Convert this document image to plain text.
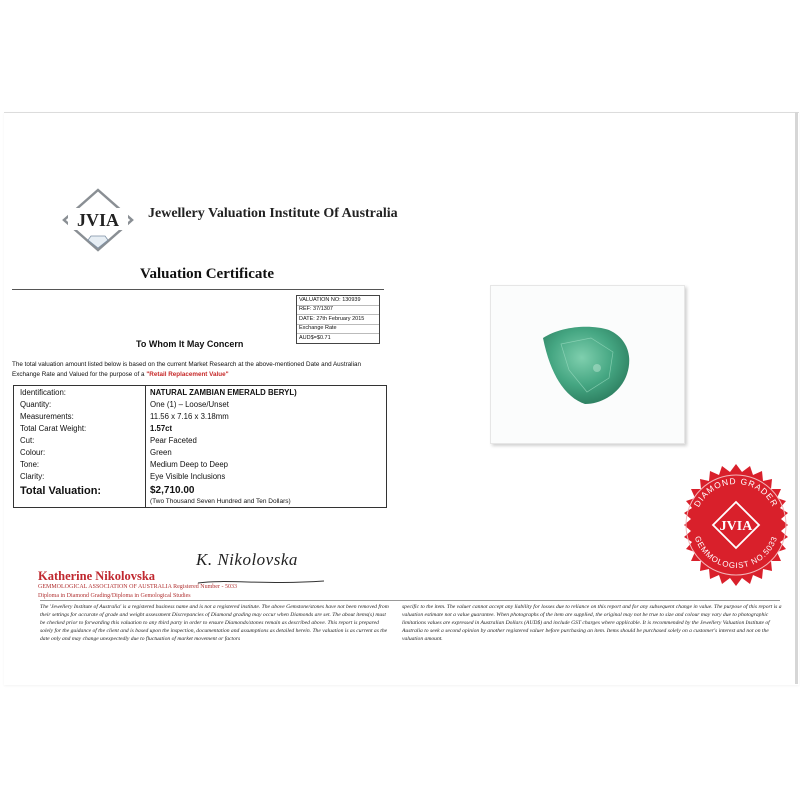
JVIA Jewellery Valuation Institute Of Australia
Valuation Certificate
VALUATION NO: 130939
REF: 37/1307
DATE: 27th February 2015
Exchange Rate
AUD$=$0.71
To Whom It May Concern
The total valuation amount listed below is based on the current Market Research at the above-mentioned Date and Australian Exchange Rate and Valued for the purpose of a "Retail Replacement Value"
Identification:	NATURAL ZAMBIAN EMERALD BERYL)
Quantity:	One (1) – Loose/Unset
Measurements:	11.56 x 7.16 x 3.18mm
Total Carat Weight:	1.57ct
Cut:	Pear Faceted
Colour:	Green
Tone:	Medium Deep to Deep
Clarity:	Eye Visible Inclusions
Total Valuation:	$2,710.00
(Two Thousand Seven Hundred and Ten Dollars)
Katherine Nikolovska
K. Nikolovska
GEMMOLOGICAL ASSOCIATION OF AUSTRALIA Registered Number - 5033
Diploma in Diamond Grading/Diploma in Gemological Studies
The 'Jewellery Institute of Australia' is a registered business name and is not a registered institute. The above Gemstone/stones have not been removed from their settings for accurate of grade and weight assessment Discrepancies of Diamond grading may occur when Diamonds are set. The about items(s) must be checked prior to forwarding this valuation to any third party in order to ensure Diamonds/stones remain as described above. This report is prepared solely for the guidance of the client and is based upon the inspection, documentation and assumptions as detailed herein. The valuation is as current as the date only and may change unexpectedly due to fluctuation of market movement or factors
specific to the item. The valuer cannot accept any liability for losses due to reliance on this report and for any subsequent change in value. The purpose of this report is a valuation estimate not a value guarantee. When photographs of the item are supplied, the original may not be true to size and colour may vary due to photographic limitations values are expressed in Australian Dollars (AUD$) and include GST charges where applicable. It is recommended by the Jewellery Valuation Institute of Australia to seek a second opinion by another registered valuer before purchasing an item. Items should be purchased solely on a customer's interest and not on the valuation amount.
DIAMOND GRADER
GEMMOLOGIST NO.5033
JVIA
